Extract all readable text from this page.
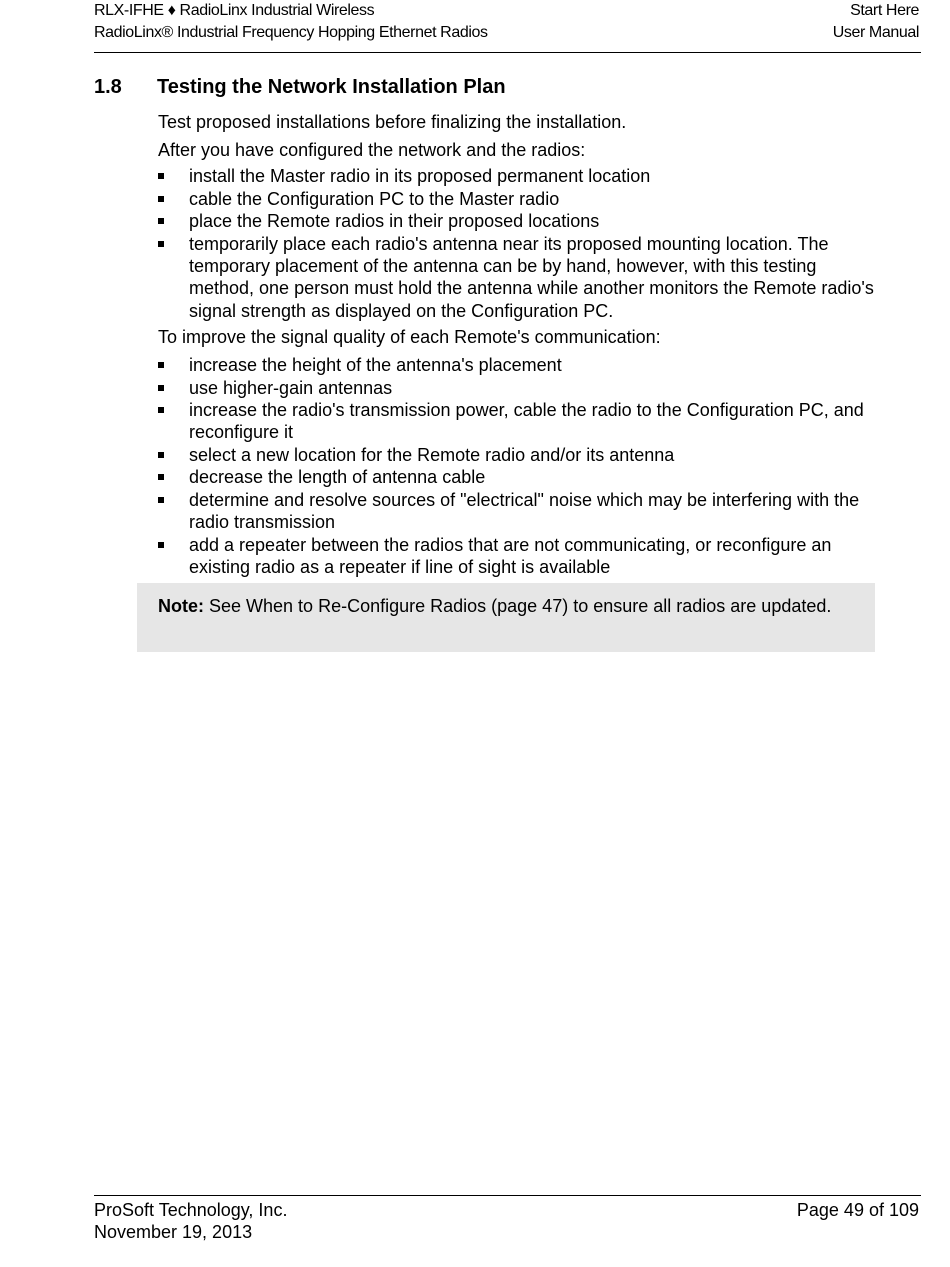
RLX-IFHE ♦ RadioLinx Industrial Wireless
RadioLinx® Industrial Frequency Hopping Ethernet Radios
Start Here
User Manual
1.8 Testing the Network Installation Plan

Test proposed installations before finalizing the installation.

After you have configured the network and the radios:

install the Master radio in its proposed permanent location
cable the Configuration PC to the Master radio
place the Remote radios in their proposed locations
temporarily place each radio's antenna near its proposed mounting location. The temporary placement of the antenna can be by hand, however, with this testing method, one person must hold the antenna while another monitors the Remote radio's signal strength as displayed on the Configuration PC.

To improve the signal quality of each Remote's communication:

increase the height of the antenna's placement
use higher-gain antennas
increase the radio's transmission power, cable the radio to the Configuration PC, and reconfigure it
select a new location for the Remote radio and/or its antenna
decrease the length of antenna cable
determine and resolve sources of "electrical" noise which may be interfering with the radio transmission
add a repeater between the radios that are not communicating, or reconfigure an existing radio as a repeater if line of sight is available
Note: See When to Re-Configure Radios (page 47) to ensure all radios are updated.
ProSoft Technology, Inc.
November 19, 2013
Page 49 of 109
